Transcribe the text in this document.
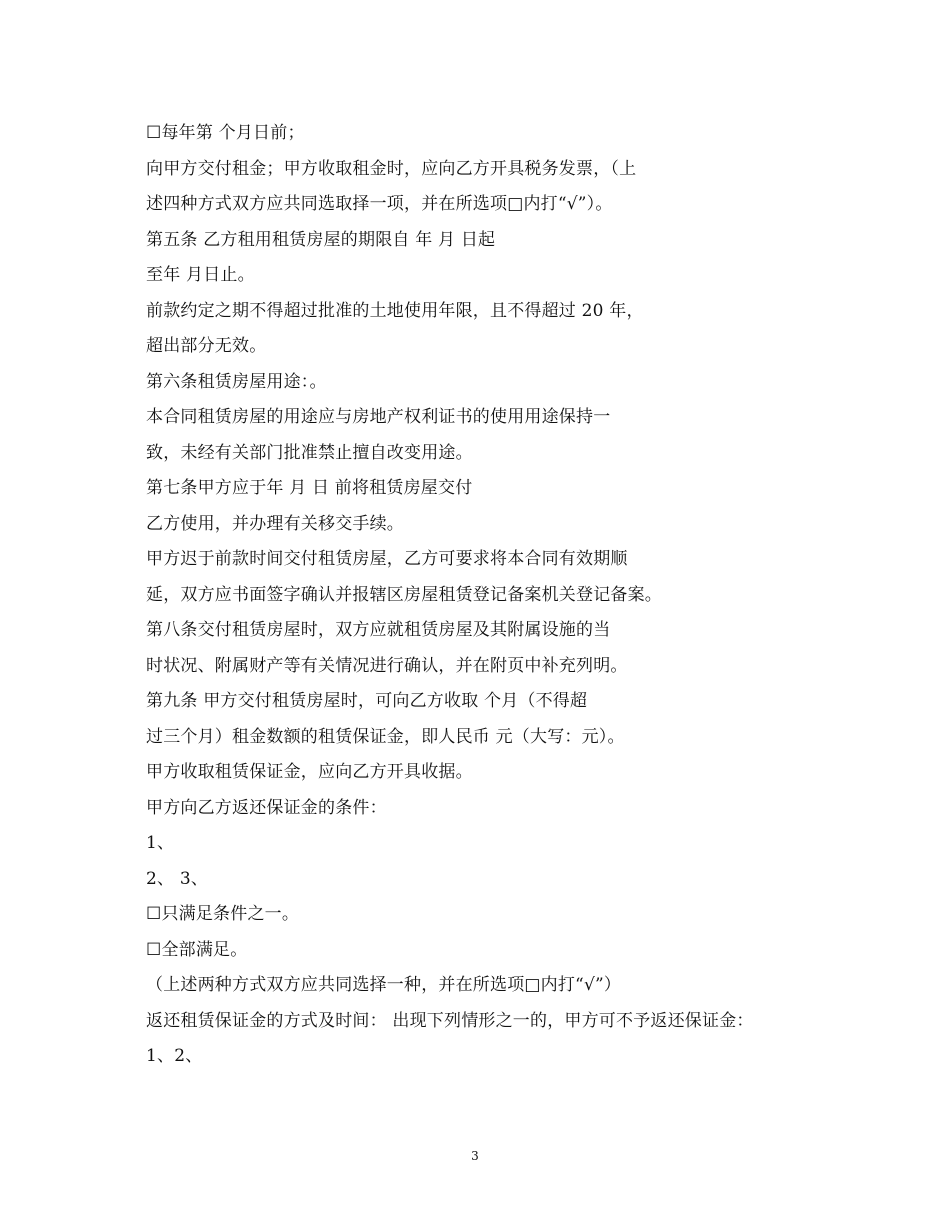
☐每年第 个月日前；
向甲方交付租金；甲方收取租金时，应向乙方开具税务发票，（上
述四种方式双方应共同选取择一项，并在所选项□内打“√”）。
第五条 乙方租用租赁房屋的期限自 年 月 日起
至年 月日止。
前款约定之期不得超过批准的土地使用年限，且不得超过 20 年，
超出部分无效。
第六条租赁房屋用途：。
本合同租赁房屋的用途应与房地产权利证书的使用用途保持一
致，未经有关部门批准禁止擅自改变用途。
第七条甲方应于年 月 日 前将租赁房屋交付
乙方使用，并办理有关移交手续。
甲方迟于前款时间交付租赁房屋，乙方可要求将本合同有效期顺
延，双方应书面签字确认并报辖区房屋租赁登记备案机关登记备案。
第八条交付租赁房屋时，双方应就租赁房屋及其附属设施的当
时状况、附属财产等有关情况进行确认，并在附页中补充列明。
第九条 甲方交付租赁房屋时，可向乙方收取 个月（不得超
过三个月）租金数额的租赁保证金，即人民币 元（大写：元）。
甲方收取租赁保证金，应向乙方开具收据。
甲方向乙方返还保证金的条件：
1、
2、 3、
☐只满足条件之一。
☐全部满足。
（上述两种方式双方应共同选择一种，并在所选项□内打“√”）
返还租赁保证金的方式及时间： 出现下列情形之一的，甲方可不予返还保证金：
1、2、
3
